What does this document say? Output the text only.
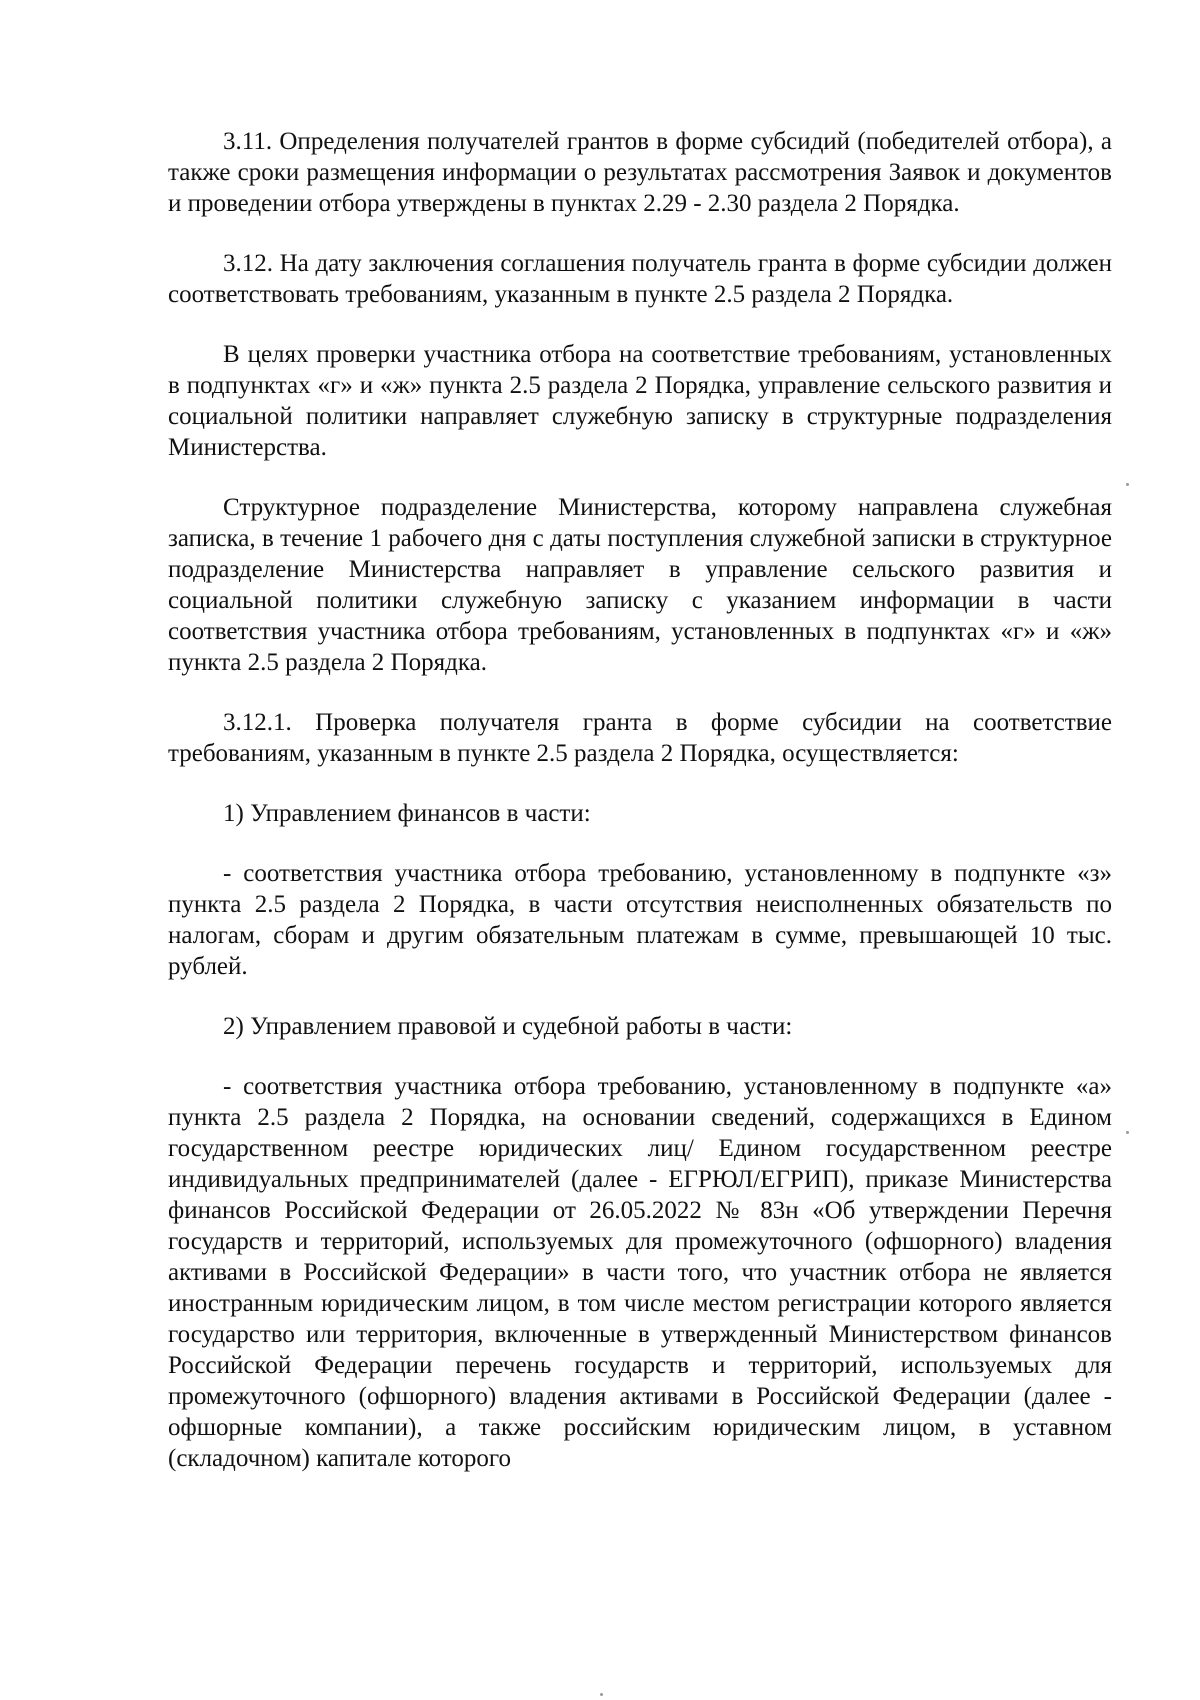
3.11. Определения получателей грантов в форме субсидий (победителей отбора), а также сроки размещения информации о результатах рассмотрения Заявок и документов и проведении отбора утверждены в пунктах 2.29 - 2.30 раздела 2 Порядка.

3.12. На дату заключения соглашения получатель гранта в форме субсидии должен соответствовать требованиям, указанным в пункте 2.5 раздела 2 Порядка.

В целях проверки участника отбора на соответствие требованиям, установленных в подпунктах «г» и «ж» пункта 2.5 раздела 2 Порядка, управление сельского развития и социальной политики направляет служебную записку в структурные подразделения Министерства.

Структурное подразделение Министерства, которому направлена служебная записка, в течение 1 рабочего дня с даты поступления служебной записки в структурное подразделение Министерства направляет в управление сельского развития и социальной политики служебную записку с указанием информации в части соответствия участника отбора требованиям, установленных в подпунктах «г» и «ж» пункта 2.5 раздела 2 Порядка.

3.12.1. Проверка получателя гранта в форме субсидии на соответствие требованиям, указанным в пункте 2.5 раздела 2 Порядка, осуществляется:

1) Управлением финансов в части:

- соответствия участника отбора требованию, установленному в подпункте «з» пункта 2.5 раздела 2 Порядка, в части отсутствия неисполненных обязательств по налогам, сборам и другим обязательным платежам в сумме, превышающей 10 тыс. рублей.

2) Управлением правовой и судебной работы в части:

- соответствия участника отбора требованию, установленному в подпункте «а» пункта 2.5 раздела 2 Порядка, на основании сведений, содержащихся в Едином государственном реестре юридических лиц/ Едином государственном реестре индивидуальных предпринимателей (далее - ЕГРЮЛ/ЕГРИП), приказе Министерства финансов Российской Федерации от 26.05.2022 № 83н «Об утверждении Перечня государств и территорий, используемых для промежуточного (офшорного) владения активами в Российской Федерации» в части того, что участник отбора не является иностранным юридическим лицом, в том числе местом регистрации которого является государство или территория, включенные в утвержденный Министерством финансов Российской Федерации перечень государств и территорий, используемых для промежуточного (офшорного) владения активами в Российской Федерации (далее - офшорные компании), а также российским юридическим лицом, в уставном (складочном) капитале которого
